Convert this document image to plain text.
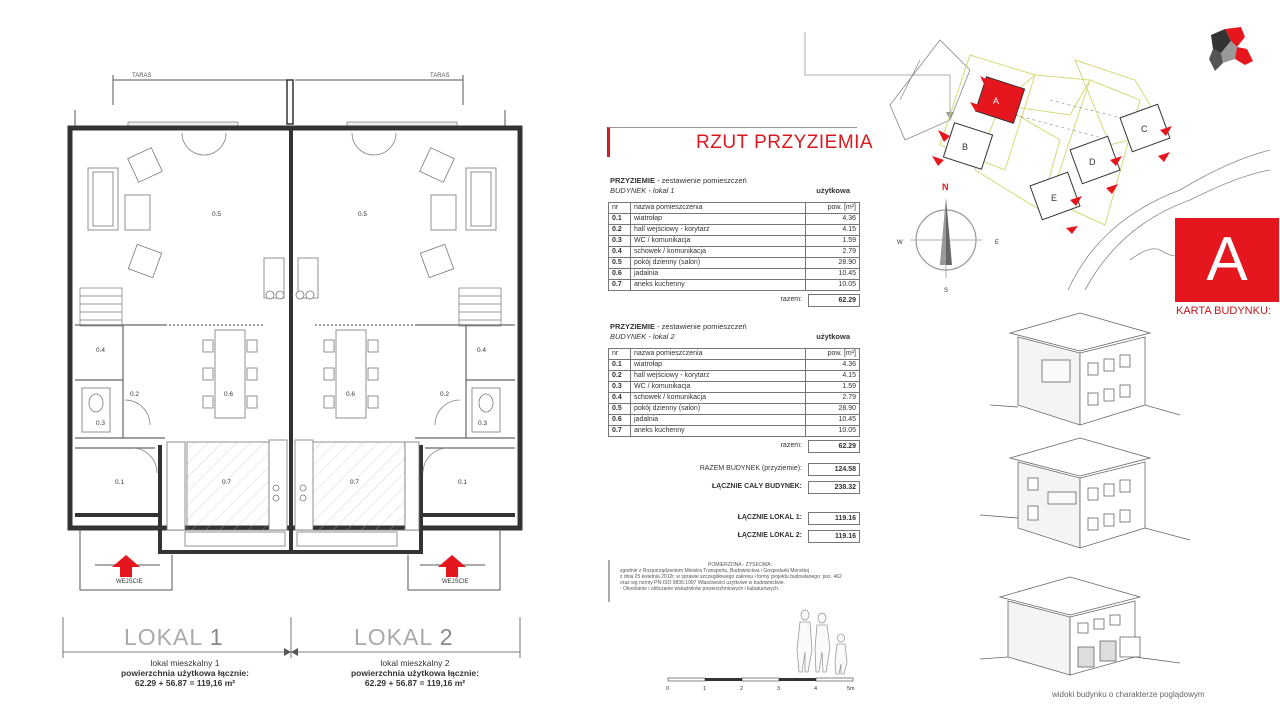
TARAS	TARAS
0.5	0.5
0.4	0.4
0.2	0.2
0.3	0.3
0.6	0.6
0.1	0.1
0.7	0.7
WEJŚCIE	WEJŚCIE
LOKAL 1	LOKAL 2
lokal mieszkalny 1
powierzchnia użytkowa łącznie:
62.29 + 56.87 = 119,16 m²
lokal mieszkalny 2
powierzchnia użytkowa łącznie:
62.29 + 56.87 = 119,16 m²
RZUT PRZYZIEMIA
PRZYZIEMIE - zestawienie pomieszczeń
BUDYNEK - lokal 1	użytkowa
nr	nazwa pomieszczenia	pow. [m²]
0.1	wiatrołap	4.36
0.2	hall wejściowy - korytarz	4.15
0.3	WC / komunikacja	1.59
0.4	schowek / komunikacja	2.79
0.5	pokój dzienny (salon)	28.90
0.6	jadalnia	10.45
0.7	aneks kuchenny	10.05
razem:	62.29
PRZYZIEMIE - zestawienie pomieszczeń
BUDYNEK - lokal 2	użytkowa
nr	nazwa pomieszczenia	pow. [m²]
0.1	wiatrołap	4.36
0.2	hall wejściowy - korytarz	4.15
0.3	WC / komunikacja	1.59
0.4	schowek / komunikacja	2.79
0.5	pokój dzienny (salon)	28.90
0.6	jadalnia	10.45
0.7	aneks kuchenny	10.05
razem:	62.29
RAZEM BUDYNEK (przyziemie):	124.58
ŁĄCZNIE CAŁY BUDYNEK:	238.32
ŁĄCZNIE LOKAL 1:	119.16
ŁĄCZNIE LOKAL 2:	119.16
POMIERZONA - ZYSKOWA:
zgodnie z Rozporządzeniem Ministra Transportu, Budownictwa i Gospodarki Morskiej
z dnia 25 kwietnia 2012r. w sprawie szczegółowego zakresu i formy projektu budowlanego: poz. 462
oraz wg normy PN-ISO 9836:1997 Właściwości użytkowe w budownictwie.
- Określanie i obliczanie wskaźników powierzchniowych i kubaturowych.
A
B
C
D
E
N
W	E
S	A
KARTA BUDYNKU:
widoki budynku o charakterze poglądowym
0	1	2	3	4	5m
